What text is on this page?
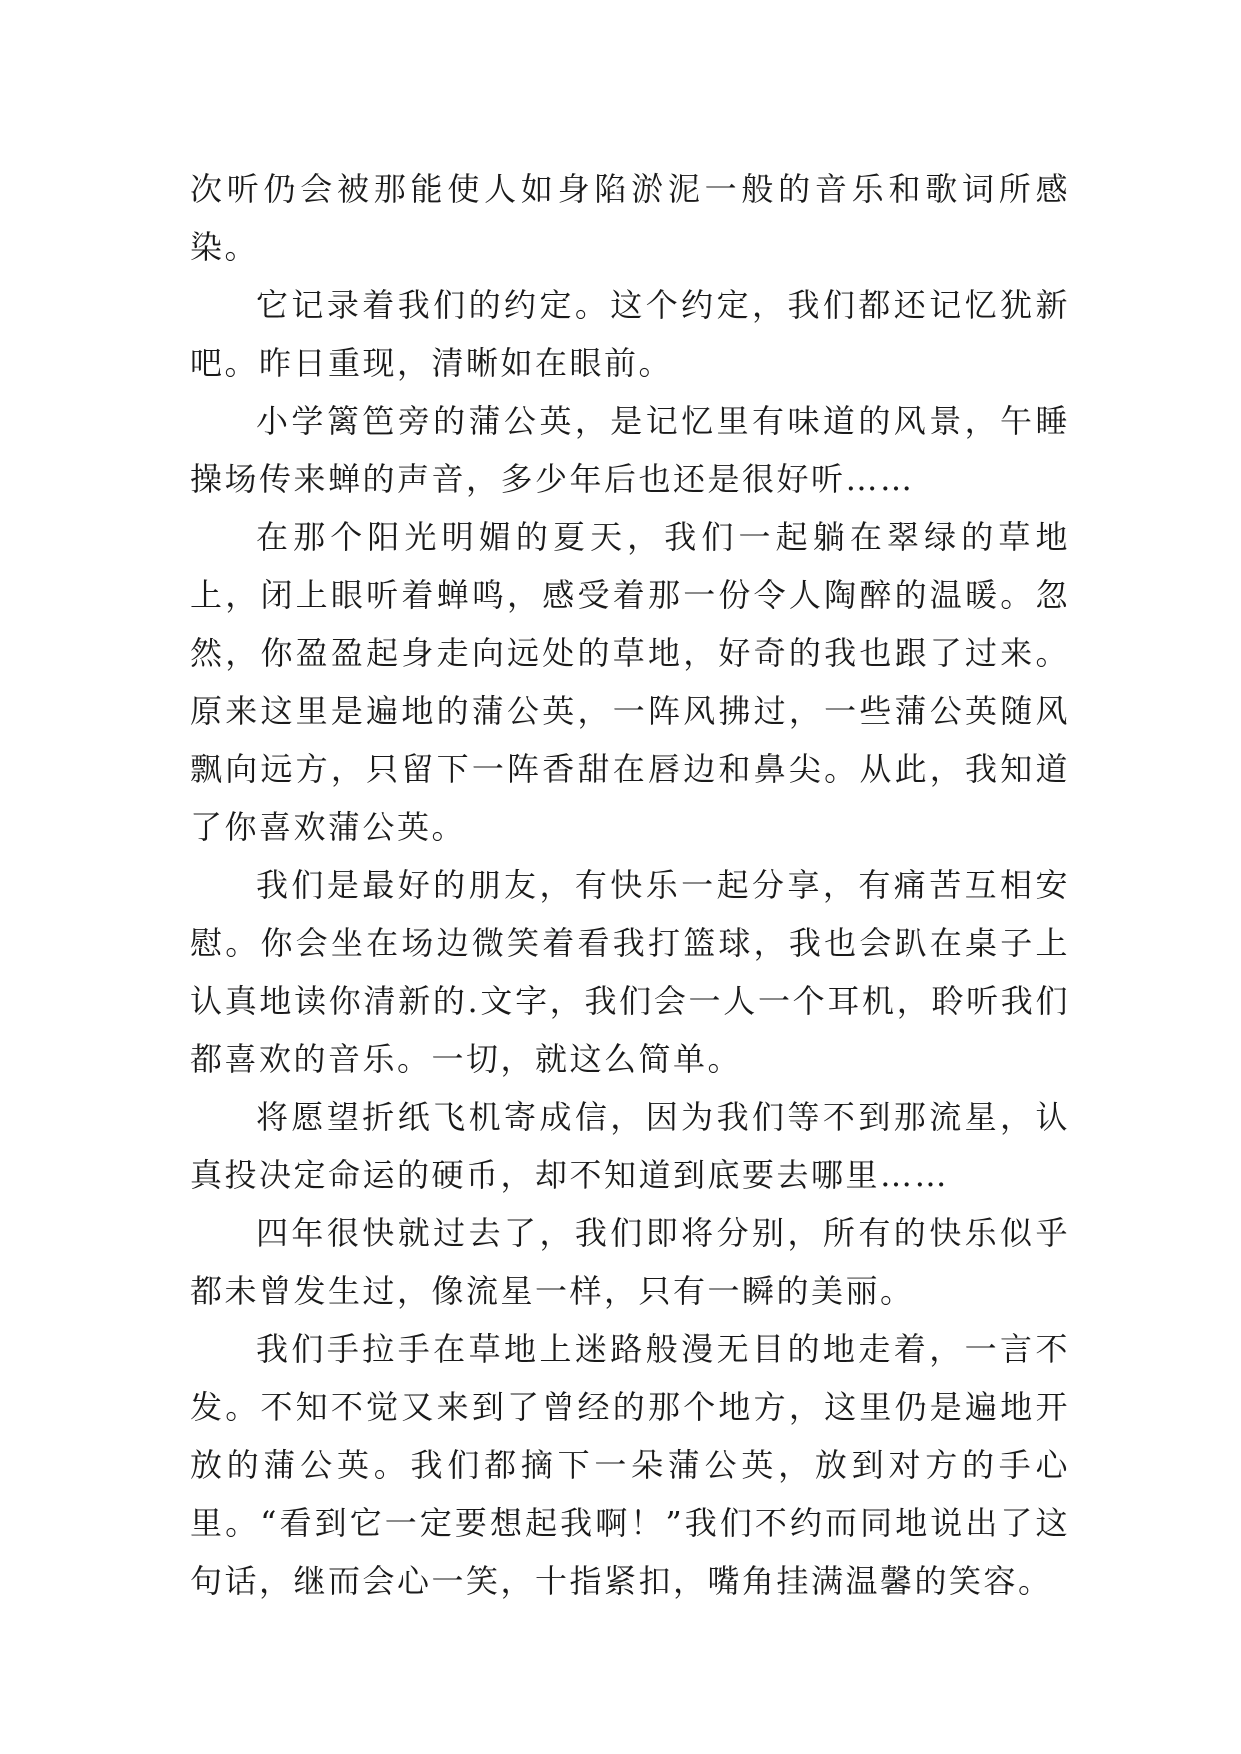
次听仍会被那能使人如身陷淤泥一般的音乐和歌词所感染。

它记录着我们的约定。这个约定，我们都还记忆犹新吧。昨日重现，清晰如在眼前。

小学篱笆旁的蒲公英，是记忆里有味道的风景，午睡操场传来蝉的声音，多少年后也还是很好听……

在那个阳光明媚的夏天，我们一起躺在翠绿的草地上，闭上眼听着蝉鸣，感受着那一份令人陶醉的温暖。忽然，你盈盈起身走向远处的草地，好奇的我也跟了过来。原来这里是遍地的蒲公英，一阵风拂过，一些蒲公英随风飘向远方，只留下一阵香甜在唇边和鼻尖。从此，我知道了你喜欢蒲公英。

我们是最好的朋友，有快乐一起分享，有痛苦互相安慰。你会坐在场边微笑着看我打篮球，我也会趴在桌子上认真地读你清新的.文字，我们会一人一个耳机，聆听我们都喜欢的音乐。一切，就这么简单。

将愿望折纸飞机寄成信，因为我们等不到那流星，认真投决定命运的硬币，却不知道到底要去哪里……

四年很快就过去了，我们即将分别，所有的快乐似乎都未曾发生过，像流星一样，只有一瞬的美丽。

我们手拉手在草地上迷路般漫无目的地走着，一言不发。不知不觉又来到了曾经的那个地方，这里仍是遍地开放的蒲公英。我们都摘下一朵蒲公英，放到对方的手心里。“看到它一定要想起我啊！”我们不约而同地说出了这句话，继而会心一笑，十指紧扣，嘴角挂满温馨的笑容。
